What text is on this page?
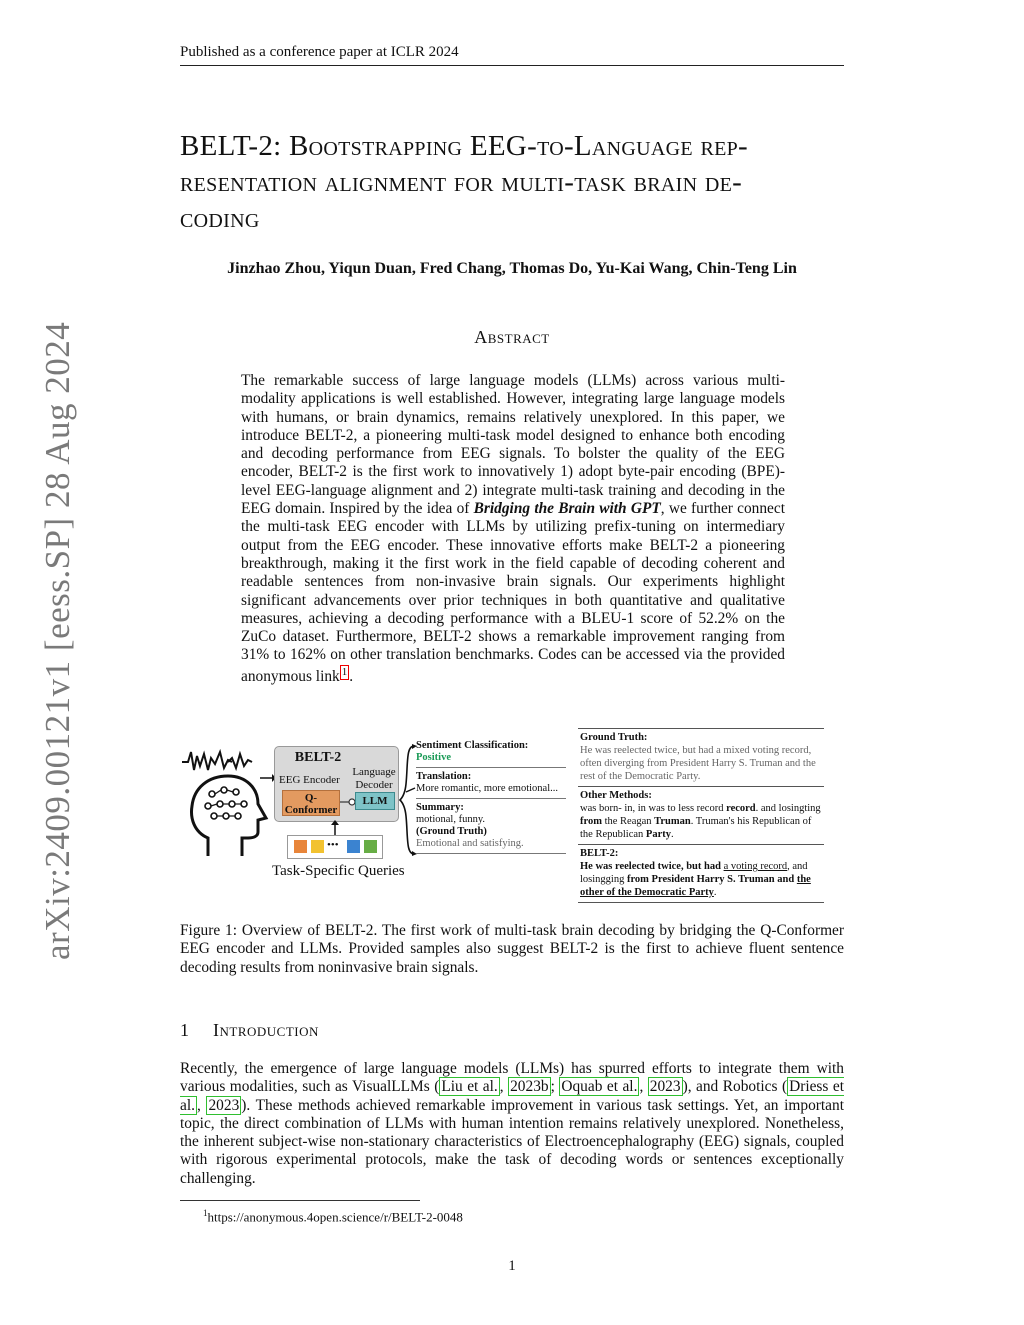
Published as a conference paper at ICLR 2024
arXiv:2409.00121v1 [eess.SP] 28 Aug 2024
BELT-2: Bootstrapping EEG-to-Language rep-
resentation alignment for multi-task brain de-
coding
Jinzhao Zhou, Yiqun Duan, Fred Chang, Thomas Do, Yu-Kai Wang, Chin-Teng Lin
Abstract
The remarkable success of large language models (LLMs) across various multi-modality applications is well established. However, integrating large language models with humans, or brain dynamics, remains relatively unexplored. In this paper, we introduce BELT-2, a pioneering multi-task model designed to enhance both encoding and decoding performance from EEG signals. To bolster the quality of the EEG encoder, BELT-2 is the first work to innovatively 1) adopt byte-pair encoding (BPE)-level EEG-language alignment and 2) integrate multi-task training and decoding in the EEG domain. Inspired by the idea of Bridging the Brain with GPT, we further connect the multi-task EEG encoder with LLMs by utilizing prefix-tuning on intermediary output from the EEG encoder. These innovative efforts make BELT-2 a pioneering breakthrough, making it the first work in the field capable of decoding coherent and readable sentences from non-invasive brain signals. Our experiments highlight significant advancements over prior techniques in both quantitative and qualitative measures, achieving a decoding performance with a BLEU-1 score of 52.2% on the ZuCo dataset. Furthermore, BELT-2 shows a remarkable improvement ranging from 31% to 162% on other translation benchmarks. Codes can be accessed via the provided anonymous link 1 .
BELT-2
EEG Encoder
Language Decoder
Q-Conformer
LLM
•••
Task-Specific Queries
Sentiment Classification:
Positive
Translation:
More romantic, more emotional...
Summary:
motional, funny.
(Ground Truth)
Emotional and satisfying.
Ground Truth:
He was reelected twice, but had a mixed voting record, often diverging from President Harry S. Truman and the rest of the Democratic Party.
Other Methods:
was born- in, in was to less record record. and losingting from the Reagan Truman. Truman's his Republican of the Republican Party.
BELT-2:
He was reelected twice, but had a voting record, and losingging from President Harry S. Truman and the other of the Democratic Party.
Figure 1: Overview of BELT-2. The first work of multi-task brain decoding by bridging the Q-Conformer EEG encoder and LLMs. Provided samples also suggest BELT-2 is the first to achieve fluent sentence decoding results from noninvasive brain signals.
1 Introduction
Recently, the emergence of large language models (LLMs) has spurred efforts to integrate them with various modalities, such as VisualLLMs ( Liu et al. , 2023b ; Oquab et al. , 2023 ), and Robotics ( Driess et al. , 2023 ). These methods achieved remarkable improvement in various task settings. Yet, an important topic, the direct combination of LLMs with human intention remains relatively unexplored. Nonetheless, the inherent subject-wise non-stationary characteristics of Electroencephalography (EEG) signals, coupled with rigorous experimental protocols, make the task of decoding words or sentences exceptionally challenging.
$^1$https://anonymous.4open.science/r/BELT-2-0048
1
